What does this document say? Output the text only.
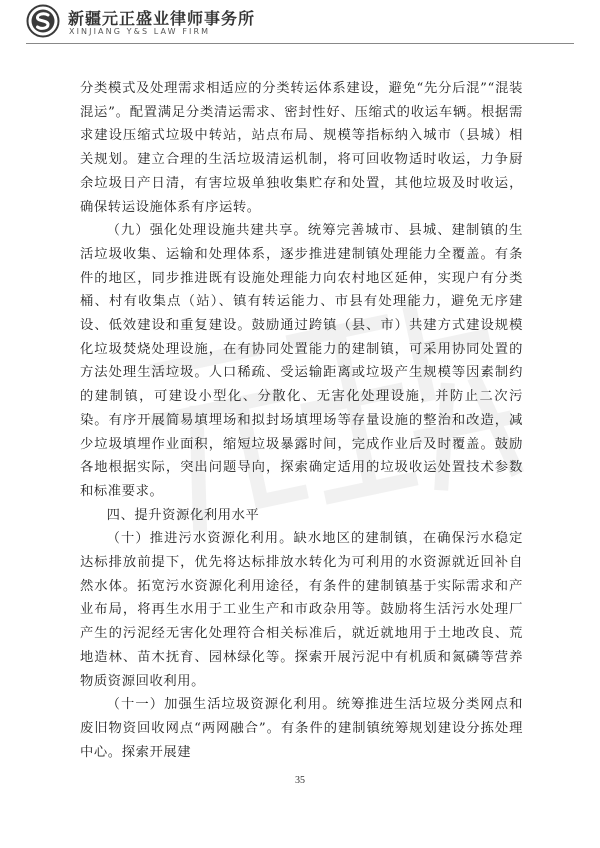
新疆元正盛业律师事务所
XINJIANG Y&S LAW FIRM

分类模式及处理需求相适应的分类转运体系建设，避免“先分后混”“混装混运”。配置满足分类清运需求、密封性好、压缩式的收运车辆。根据需求建设压缩式垃圾中转站，站点布局、规模等指标纳入城市（县城）相关规划。建立合理的生活垃圾清运机制，将可回收物适时收运，力争厨余垃圾日产日清，有害垃圾单独收集贮存和处置，其他垃圾及时收运，确保转运设施体系有序运转。

（九）强化处理设施共建共享。统筹完善城市、县城、建制镇的生活垃圾收集、运输和处理体系，逐步推进建制镇处理能力全覆盖。有条件的地区，同步推进既有设施处理能力向农村地区延伸，实现户有分类桶、村有收集点（站）、镇有转运能力、市县有处理能力，避免无序建设、低效建设和重复建设。鼓励通过跨镇（县、市）共建方式建设规模化垃圾焚烧处理设施，在有协同处置能力的建制镇，可采用协同处置的方法处理生活垃圾。人口稀疏、受运输距离或垃圾产生规模等因素制约的建制镇，可建设小型化、分散化、无害化处理设施，并防止二次污染。有序开展简易填埋场和拟封场填埋场等存量设施的整治和改造，减少垃圾填埋作业面积，缩短垃圾暴露时间，完成作业后及时覆盖。鼓励各地根据实际，突出问题导向，探索确定适用的垃圾收运处置技术参数和标准要求。

四、提升资源化利用水平

（十）推进污水资源化利用。缺水地区的建制镇，在确保污水稳定达标排放前提下，优先将达标排放水转化为可利用的水资源就近回补自然水体。拓宽污水资源化利用途径，有条件的建制镇基于实际需求和产业布局，将再生水用于工业生产和市政杂用等。鼓励将生活污水处理厂产生的污泥经无害化处理符合相关标准后，就近就地用于土地改良、荒地造林、苗木抚育、园林绿化等。探索开展污泥中有机质和氮磷等营养物质资源回收利用。

（十一）加强生活垃圾资源化利用。统筹推进生活垃圾分类网点和废旧物资回收网点“两网融合”。有条件的建制镇统筹规划建设分拣处理中心。探索开展建

35
